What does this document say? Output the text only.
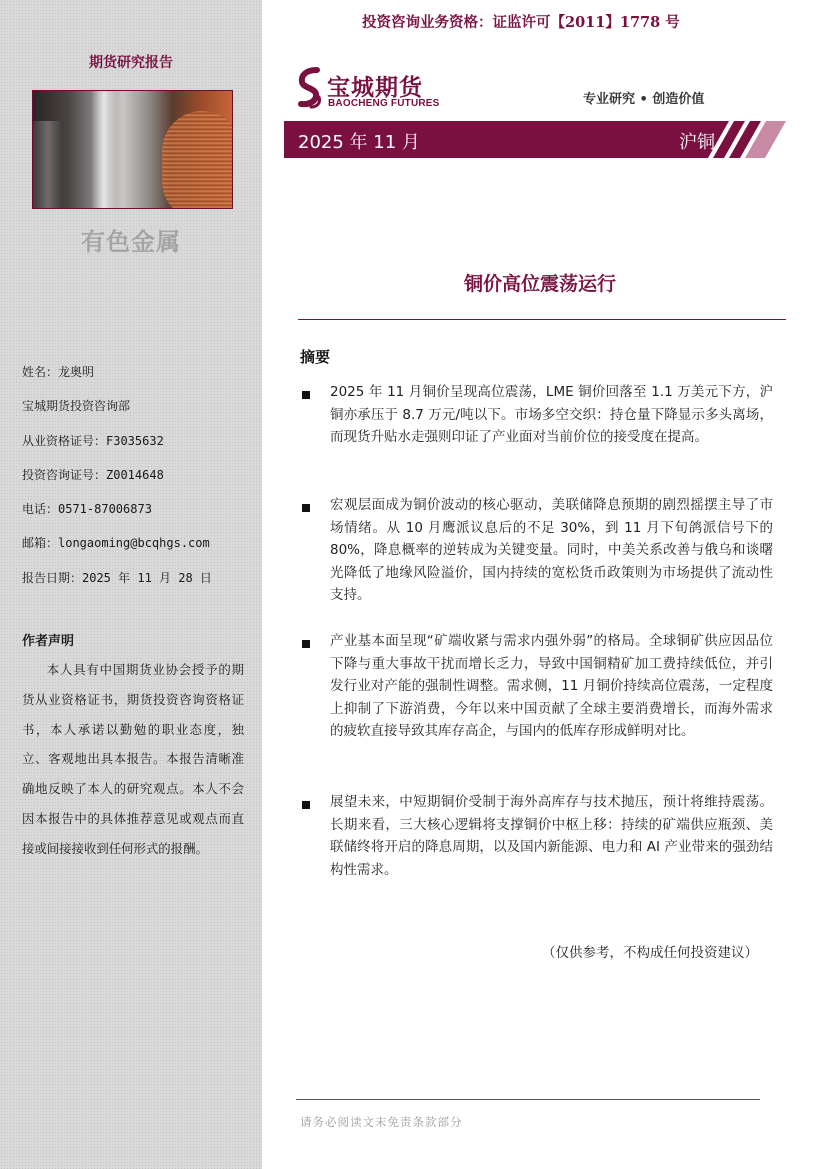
期货研究报告
有色金属
姓名：龙奥明
宝城期货投资咨询部
从业资格证号：F3035632
投资咨询证号：Z0014648
电话：0571-87006873
邮箱：longaoming@bcqhgs.com
报告日期：2025 年 11 月 28 日
作者声明
本人具有中国期货业协会授予的期货从业资格证书，期货投资咨询资格证书，本人承诺以勤勉的职业态度，独立、客观地出具本报告。本报告清晰准确地反映了本人的研究观点。本人不会因本报告中的具体推荐意见或观点而直接或间接接收到任何形式的报酬。
投资咨询业务资格：证监许可【2011】1778 号
宝城期货
BAOCHENG FUTURES	专业研究 • 创造价值
2025 年 11 月	沪铜
铜价高位震荡运行
摘要
2025 年 11 月铜价呈现高位震荡，LME 铜价回落至 1.1 万美元下方，沪铜亦承压于 8.7 万元/吨以下。市场多空交织：持仓量下降显示多头离场，而现货升贴水走强则印证了产业面对当前价位的接受度在提高。
宏观层面成为铜价波动的核心驱动，美联储降息预期的剧烈摇摆主导了市场情绪。从 10 月鹰派议息后的不足 30%，到 11 月下旬鸽派信号下的 80%，降息概率的逆转成为关键变量。同时，中美关系改善与俄乌和谈曙光降低了地缘风险溢价，国内持续的宽松货币政策则为市场提供了流动性支持。
产业基本面呈现“矿端收紧与需求内强外弱”的格局。全球铜矿供应因品位下降与重大事故干扰而增长乏力，导致中国铜精矿加工费持续低位，并引发行业对产能的强制性调整。需求侧，11 月铜价持续高位震荡，一定程度上抑制了下游消费，今年以来中国贡献了全球主要消费增长，而海外需求的疲软直接导致其库存高企，与国内的低库存形成鲜明对比。
展望未来，中短期铜价受制于海外高库存与技术抛压，预计将维持震荡。长期来看，三大核心逻辑将支撑铜价中枢上移：持续的矿端供应瓶颈、美联储终将开启的降息周期，以及国内新能源、电力和 AI 产业带来的强劲结构性需求。
（仅供参考，不构成任何投资建议）
请务必阅读文末免责条款部分
